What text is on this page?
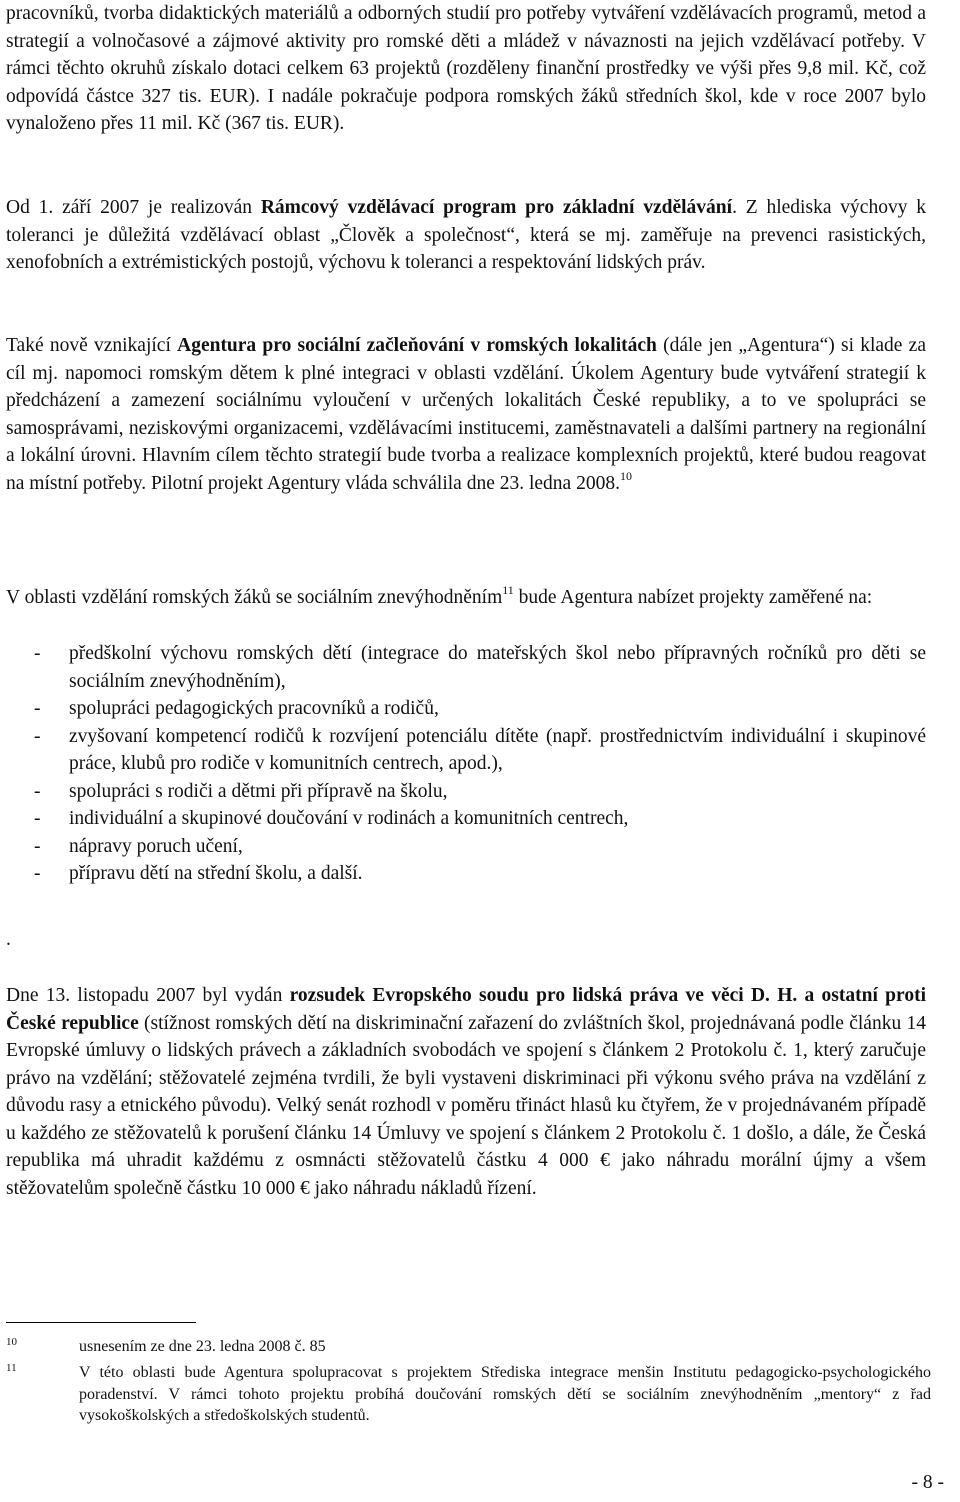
pracovníků, tvorba didaktických materiálů a odborných studií pro potřeby vytváření vzdělávacích programů, metod a strategií a volnočasové a zájmové aktivity pro romské děti a mládež v návaznosti na jejich vzdělávací potřeby. V rámci těchto okruhů získalo dotaci celkem 63 projektů (rozděleny finanční prostředky ve výši přes 9,8 mil. Kč, což odpovídá částce 327 tis. EUR). I nadále pokračuje podpora romských žáků středních škol, kde v roce 2007 bylo vynaloženo přes 11 mil. Kč (367 tis. EUR).
Od 1. září 2007 je realizován Rámcový vzdělávací program pro základní vzdělávání. Z hlediska výchovy k toleranci je důležitá vzdělávací oblast „Člověk a společnost“, která se mj. zaměřuje na prevenci rasistických, xenofobních a extrémistických postojů, výchovu k toleranci a respektování lidských práv.
Také nově vznikající Agentura pro sociální začleňování v romských lokalitách (dále jen „Agentura“) si klade za cíl mj. napomoci romským dětem k plné integraci v oblasti vzdělání. Úkolem Agentury bude vytváření strategií k předcházení a zamezení sociálnímu vyloučení v určených lokalitách České republiky, a to ve spolupráci se samosprávami, neziskovými organizacemi, vzdělávacími institucemi, zaměstnavateli a dalšími partnery na regionální a lokální úrovni. Hlavním cílem těchto strategií bude tvorba a realizace komplexních projektů, které budou reagovat na místní potřeby. Pilotní projekt Agentury vláda schválila dne 23. ledna 2008.10
V oblasti vzdělání romských žáků se sociálním znevýhodněním$^{11}$ bude Agentura nabízet projekty zaměřené na:
- předškolní výchovu romských dětí (integrace do mateřských škol nebo přípravných ročníků pro děti se sociálním znevýhodněním),
- spolupráci pedagogických pracovníků a rodičů,
- zvyšovaní kompetencí rodičů k rozvíjení potenciálu dítěte (např. prostřednictvím individuální i skupinové práce, klubů pro rodiče v komunitních centrech, apod.),
- spolupráci s rodiči a dětmi při přípravě na školu,
- individuální a skupinové doučování v rodinách a komunitních centrech,
- nápravy poruch učení,
- přípravu dětí na střední školu, a další.
.
Dne 13. listopadu 2007 byl vydán rozsudek Evropského soudu pro lidská práva ve věci D. H. a ostatní proti České republice (stížnost romských dětí na diskriminační zařazení do zvláštních škol, projednávaná podle článku 14 Evropské úmluvy o lidských právech a základních svobodách ve spojení s článkem 2 Protokolu č. 1, který zaručuje právo na vzdělání; stěžovatelé zejména tvrdili, že byli vystaveni diskriminaci při výkonu svého práva na vzdělání z důvodu rasy a etnického původu). Velký senát rozhodl v poměru třináct hlasů ku čtyřem, že v projednávaném případě u každého ze stěžovatelů k porušení článku 14 Úmluvy ve spojení s článkem 2 Protokolu č. 1 došlo, a dále, že Česká republika má uhradit každému z osmnácti stěžovatelů částku 4 000 € jako náhradu morální újmy a všem stěžovatelům společně částku 10 000 € jako náhradu nákladů řízení.
10	usnesením ze dne 23. ledna 2008 č. 85
11	V této oblasti bude Agentura spolupracovat s projektem Střediska integrace menšin Institutu pedagogicko-psychologického poradenství. V rámci tohoto projektu probíhá doučování romských dětí se sociálním znevýhodněním „mentory“ z řad vysokoškolských a středoškolských studentů.
- 8 -
